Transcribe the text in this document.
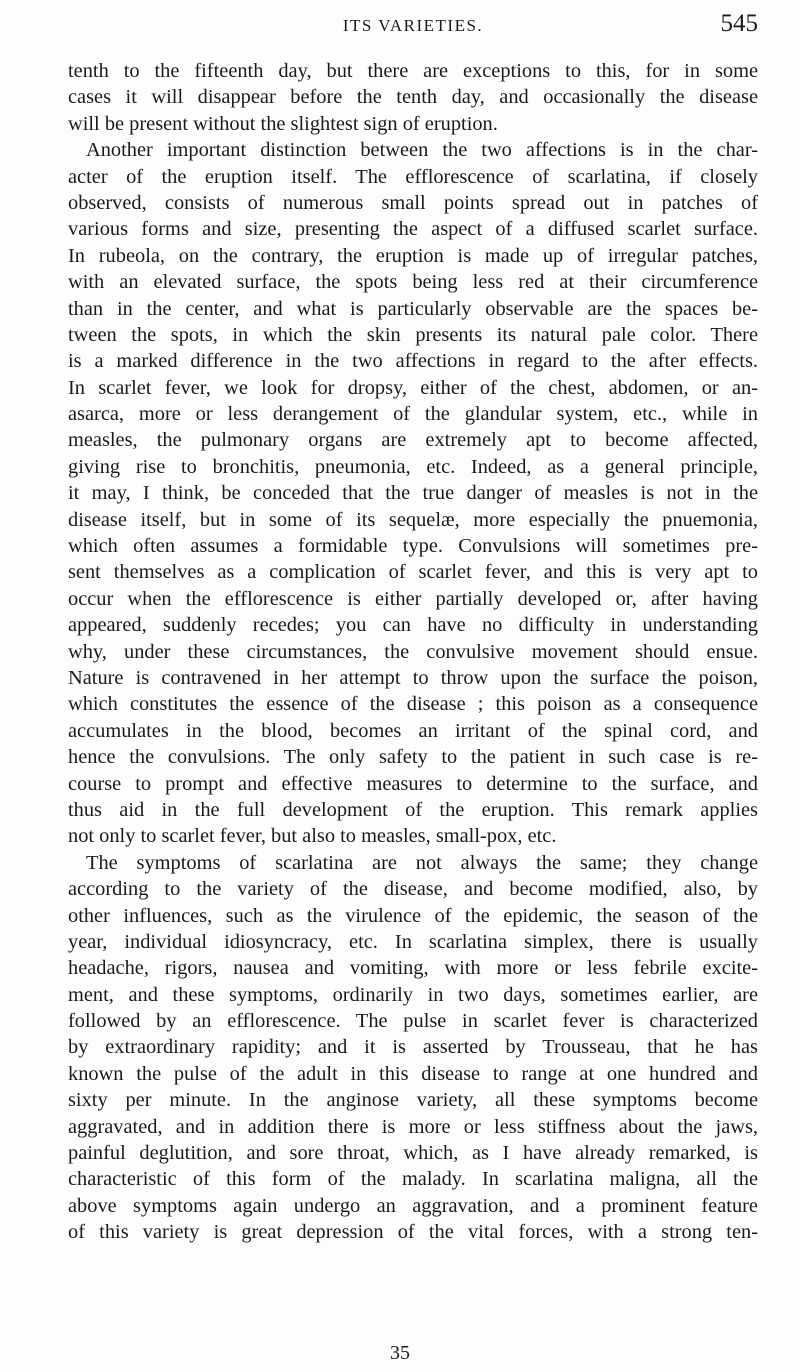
ITS VARIETIES.	545
tenth to the fifteenth day, but there are exceptions to this, for in some
cases it will disappear before the tenth day, and occasionally the disease
will be present without the slightest sign of eruption.
Another important distinction between the two affections is in the char-
acter of the eruption itself. The efflorescence of scarlatina, if closely
observed, consists of numerous small points spread out in patches of
various forms and size, presenting the aspect of a diffused scarlet surface.
In rubeola, on the contrary, the eruption is made up of irregular patches,
with an elevated surface, the spots being less red at their circumference
than in the center, and what is particularly observable are the spaces be-
tween the spots, in which the skin presents its natural pale color. There
is a marked difference in the two affections in regard to the after effects.
In scarlet fever, we look for dropsy, either of the chest, abdomen, or an-
asarca, more or less derangement of the glandular system, etc., while in
measles, the pulmonary organs are extremely apt to become affected,
giving rise to bronchitis, pneumonia, etc. Indeed, as a general principle,
it may, I think, be conceded that the true danger of measles is not in the
disease itself, but in some of its sequelæ, more especially the pnuemonia,
which often assumes a formidable type. Convulsions will sometimes pre-
sent themselves as a complication of scarlet fever, and this is very apt to
occur when the efflorescence is either partially developed or, after having
appeared, suddenly recedes; you can have no difficulty in understanding
why, under these circumstances, the convulsive movement should ensue.
Nature is contravened in her attempt to throw upon the surface the poison,
which constitutes the essence of the disease ; this poison as a consequence
accumulates in the blood, becomes an irritant of the spinal cord, and
hence the convulsions. The only safety to the patient in such case is re-
course to prompt and effective measures to determine to the surface, and
thus aid in the full development of the eruption. This remark applies
not only to scarlet fever, but also to measles, small-pox, etc.
The symptoms of scarlatina are not always the same; they change
according to the variety of the disease, and become modified, also, by
other influences, such as the virulence of the epidemic, the season of the
year, individual idiosyncracy, etc. In scarlatina simplex, there is usually
headache, rigors, nausea and vomiting, with more or less febrile excite-
ment, and these symptoms, ordinarily in two days, sometimes earlier, are
followed by an efflorescence. The pulse in scarlet fever is characterized
by extraordinary rapidity; and it is asserted by Trousseau, that he has
known the pulse of the adult in this disease to range at one hundred and
sixty per minute. In the anginose variety, all these symptoms become
aggravated, and in addition there is more or less stiffness about the jaws,
painful deglutition, and sore throat, which, as I have already remarked, is
characteristic of this form of the malady. In scarlatina maligna, all the
above symptoms again undergo an aggravation, and a prominent feature
of this variety is great depression of the vital forces, with a strong ten-
35
